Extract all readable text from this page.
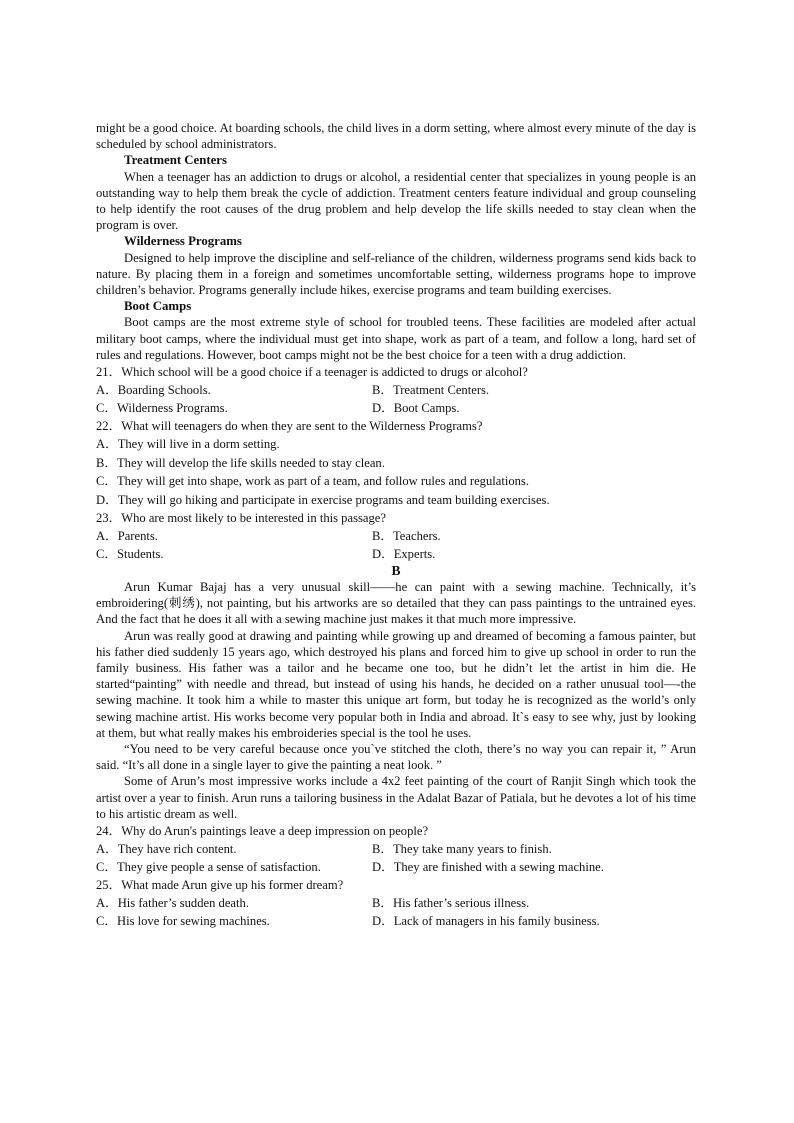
might be a good choice. At boarding schools, the child lives in a dorm setting, where almost every minute of the day is scheduled by school administrators.

Treatment Centers

When a teenager has an addiction to drugs or alcohol, a residential center that specializes in young people is an outstanding way to help them break the cycle of addiction. Treatment centers feature individual and group counseling to help identify the root causes of the drug problem and help develop the life skills needed to stay clean when the program is over.

Wilderness Programs

Designed to help improve the discipline and self-reliance of the children, wilderness programs send kids back to nature. By placing them in a foreign and sometimes uncomfortable setting, wilderness programs hope to improve children’s behavior. Programs generally include hikes, exercise programs and team building exercises.

Boot Camps

Boot camps are the most extreme style of school for troubled teens. These facilities are modeled after actual military boot camps, where the individual must get into shape, work as part of a team, and follow a long, hard set of rules and regulations. However, boot camps might not be the best choice for a teen with a drug addiction.

21．Which school will be a good choice if a teenager is addicted to drugs or alcohol?
A．Boarding Schools.	B．Treatment Centers.
C．Wilderness Programs.	D．Boot Camps.
22．What will teenagers do when they are sent to the Wilderness Programs?
A．They will live in a dorm setting.
B．They will develop the life skills needed to stay clean.
C．They will get into shape, work as part of a team, and follow rules and regulations.
D．They will go hiking and participate in exercise programs and team building exercises.
23．Who are most likely to be interested in this passage?
A．Parents.	B．Teachers.
C．Students.	D．Experts.
B

Arun Kumar Bajaj has a very unusual skill——he can paint with a sewing machine. Technically, it’s embroidering(刺绣), not painting, but his artworks are so detailed that they can pass paintings to the untrained eyes. And the fact that he does it all with a sewing machine just makes it that much more impressive.

Arun was really good at drawing and painting while growing up and dreamed of becoming a famous painter, but his father died suddenly 15 years ago, which destroyed his plans and forced him to give up school in order to run the family business. His father was a tailor and he became one too, but he didn’t let the artist in him die. He started“painting” with needle and thread, but instead of using his hands, he decided on a rather unusual tool—-the sewing machine. It took him a while to master this unique art form, but today he is recognized as the world’s only sewing machine artist. His works become very popular both in India and abroad. It`s easy to see why, just by looking at them, but what really makes his embroideries special is the tool he uses.

“You need to be very careful because once you`ve stitched the cloth, there’s no way you can repair it, ” Arun said. “It’s all done in a single layer to give the painting a neat look. ”

Some of Arun’s most impressive works include a 4x2 feet painting of the court of Ranjit Singh which took the artist over a year to finish. Arun runs a tailoring business in the Adalat Bazar of Patiala, but he devotes a lot of his time to his artistic dream as well.

24．Why do Arun's paintings leave a deep impression on people?
A．They have rich content.	B．They take many years to finish.
C．They give people a sense of satisfaction.	D．They are finished with a sewing machine.
25．What made Arun give up his former dream?
A．His father’s sudden death.	B．His father’s serious illness.
C．His love for sewing machines.	D．Lack of managers in his family business.
